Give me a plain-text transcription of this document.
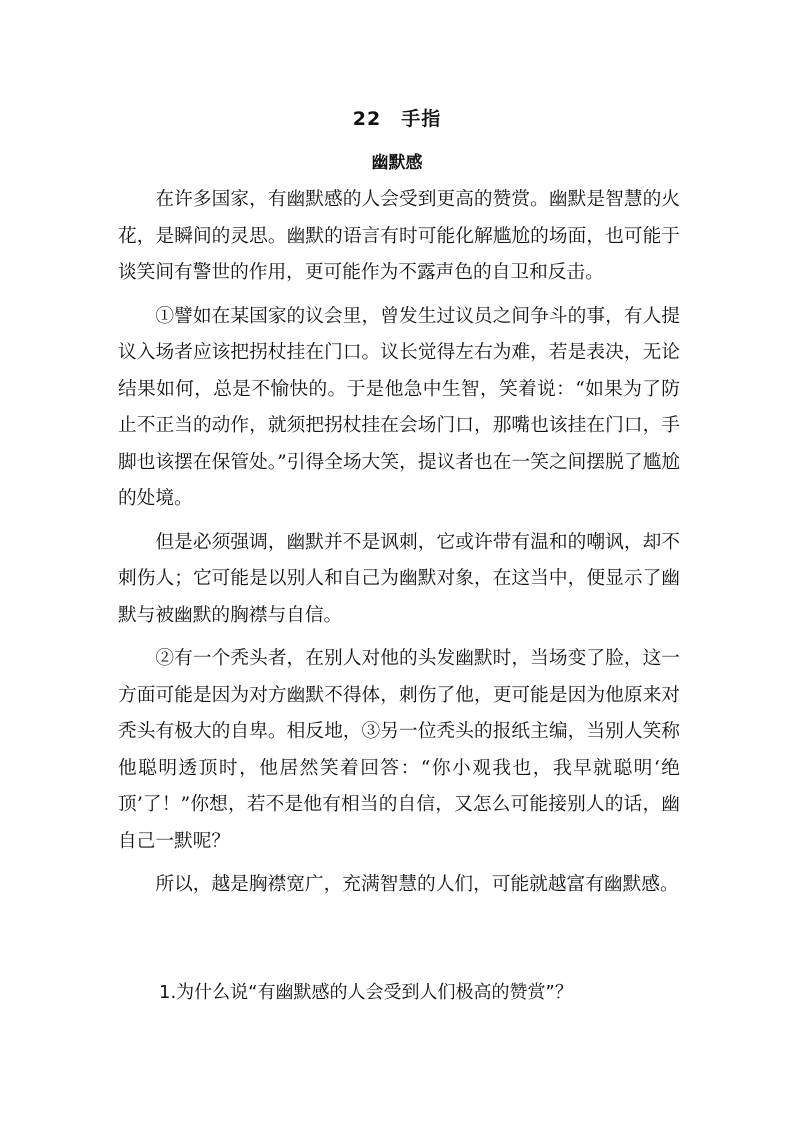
22　手指
幽默感

在许多国家，有幽默感的人会受到更高的赞赏。幽默是智慧的火花，是瞬间的灵思。幽默的语言有时可能化解尴尬的场面，也可能于谈笑间有警世的作用，更可能作为不露声色的自卫和反击。

①譬如在某国家的议会里，曾发生过议员之间争斗的事，有人提议入场者应该把拐杖挂在门口。议长觉得左右为难，若是表决，无论结果如何，总是不愉快的。于是他急中生智，笑着说：“如果为了防止不正当的动作，就须把拐杖挂在会场门口，那嘴也该挂在门口，手脚也该摆在保管处。”引得全场大笑，提议者也在一笑之间摆脱了尴尬的处境。

但是必须强调，幽默并不是讽刺，它或许带有温和的嘲讽，却不刺伤人；它可能是以别人和自己为幽默对象，在这当中，便显示了幽默与被幽默的胸襟与自信。

②有一个秃头者，在别人对他的头发幽默时，当场变了脸，这一方面可能是因为对方幽默不得体，刺伤了他，更可能是因为他原来对秃头有极大的自卑。相反地，③另一位秃头的报纸主编，当别人笑称他聪明透顶时，他居然笑着回答：“你小观我也，我早就聪明‘绝顶’了！”你想，若不是他有相当的自信，又怎么可能接别人的话，幽自己一默呢？

所以，越是胸襟宽广，充满智慧的人们，可能就越富有幽默感。

1.为什么说“有幽默感的人会受到人们极高的赞赏”？
